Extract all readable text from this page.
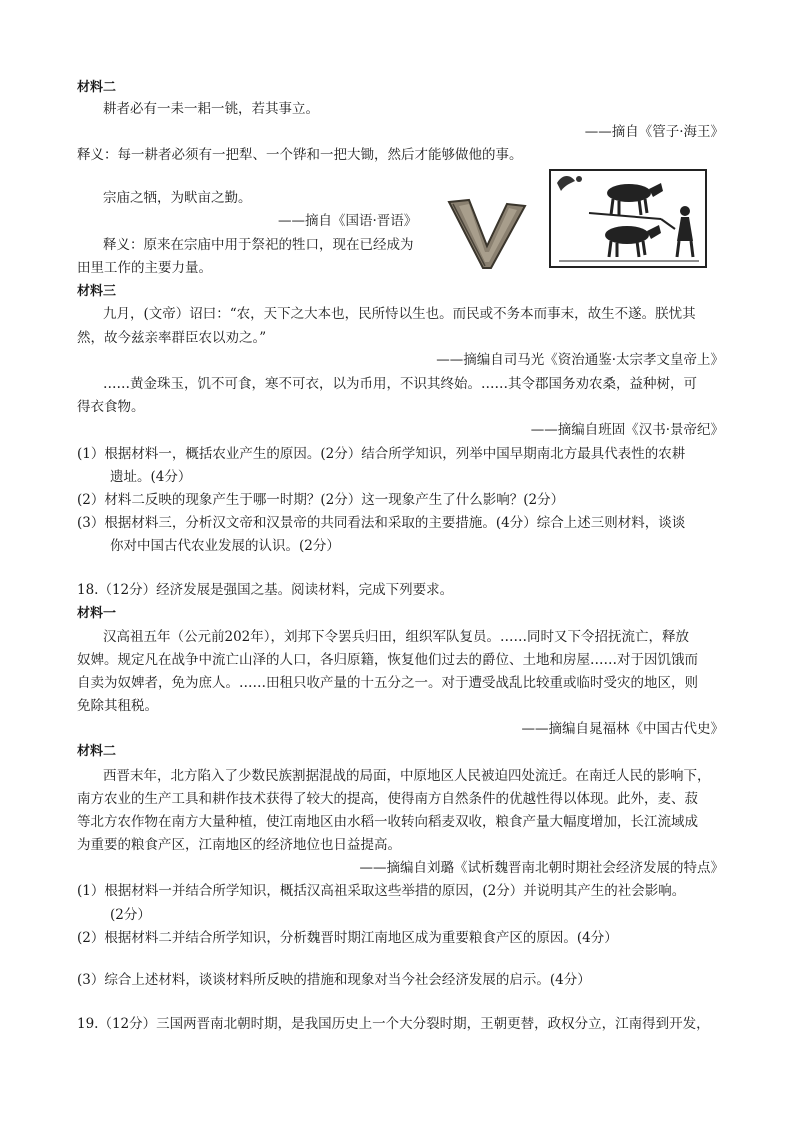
材料二
耕者必有一耒一耜一铫，若其事立。
——摘自《管子·海王》
释义：每一耕者必须有一把犁、一个铧和一把大锄，然后才能够做他的事。
宗庙之牺，为畎亩之勤。
——摘自《国语·晋语》
释义：原来在宗庙中用于祭祀的牲口，现在已经成为
田里工作的主要力量。
材料三
九月，(文帝）诏曰：“农，天下之大本也，民所恃以生也。而民或不务本而事末，故生不遂。朕忧其
然，故今兹亲率群臣农以劝之。”
——摘编自司马光《资治通鉴·太宗孝文皇帝上》
……黄金珠玉，饥不可食，寒不可衣，以为币用，不识其终始。……其令郡国务劝农桑，益种树，可
得衣食物。
——摘编自班固《汉书·景帝纪》
(1）根据材料一，概括农业产生的原因。(2分）结合所学知识，列举中国早期南北方最具代表性的农耕
遗址。(4分）
(2）材料二反映的现象产生于哪一时期？(2分）这一现象产生了什么影响？(2分）
(3）根据材料三，分析汉文帝和汉景帝的共同看法和采取的主要措施。(4分）综合上述三则材料，谈谈
你对中国古代农业发展的认识。(2分）
18.（12分）经济发展是强国之基。阅读材料，完成下列要求。
材料一
汉高祖五年（公元前202年），刘邦下令罢兵归田，组织军队复员。……同时又下令招抚流亡，释放
奴婢。规定凡在战争中流亡山泽的人口，各归原籍，恢复他们过去的爵位、土地和房屋……对于因饥饿而
自卖为奴婢者，免为庶人。……田租只收产量的十五分之一。对于遭受战乱比较重或临时受灾的地区，则
免除其租税。
——摘编自晁福林《中国古代史》
材料二
西晋末年，北方陷入了少数民族割据混战的局面，中原地区人民被迫四处流迁。在南迁人民的影响下，
南方农业的生产工具和耕作技术获得了较大的提高，使得南方自然条件的优越性得以体现。此外，麦、菽
等北方农作物在南方大量种植，使江南地区由水稻一收转向稻麦双收，粮食产量大幅度增加，长江流域成
为重要的粮食产区，江南地区的经济地位也日益提高。
——摘编自刘璐《试析魏晋南北朝时期社会经济发展的特点》
(1）根据材料一并结合所学知识，概括汉高祖采取这些举措的原因，(2分）并说明其产生的社会影响。
(2分）
(2）根据材料二并结合所学知识，分析魏晋时期江南地区成为重要粮食产区的原因。(4分）
(3）综合上述材料，谈谈材料所反映的措施和现象对当今社会经济发展的启示。(4分）
19.（12分）三国两晋南北朝时期，是我国历史上一个大分裂时期，王朝更替，政权分立，江南得到开发，
